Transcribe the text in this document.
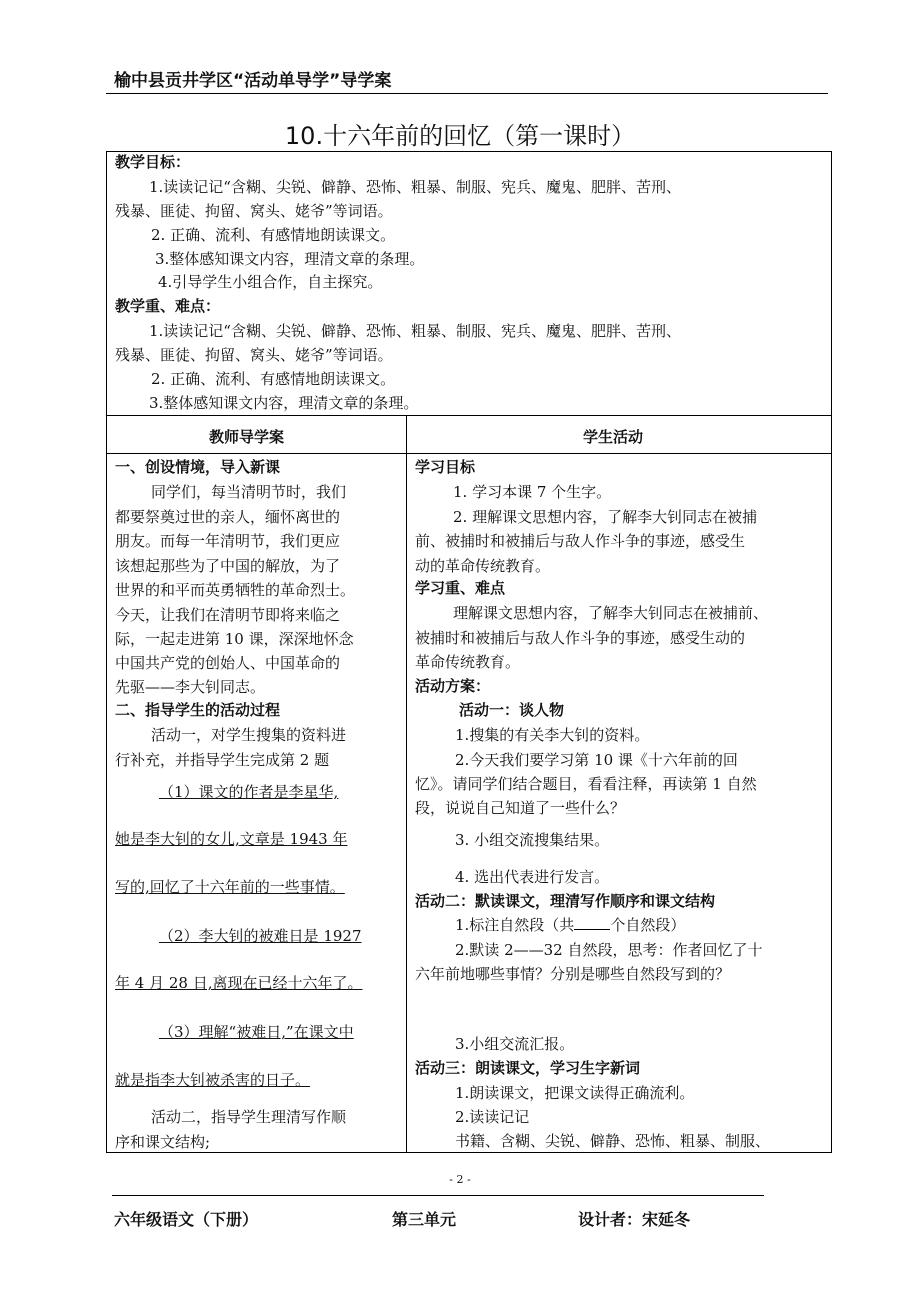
榆中县贡井学区“活动单导学”导学案
10.十六年前的回忆（第一课时）
教学目标：
1.读读记记“含糊、尖锐、僻静、恐怖、粗暴、制服、宪兵、魔鬼、肥胖、苦刑、
残暴、匪徒、拘留、窝头、姥爷”等词语。
2. 正确、流利、有感情地朗读课文。
3.整体感知课文内容，理清文章的条理。
4.引导学生小组合作，自主探究。
教学重、难点：
1.读读记记“含糊、尖锐、僻静、恐怖、粗暴、制服、宪兵、魔鬼、肥胖、苦刑、
残暴、匪徒、拘留、窝头、姥爷”等词语。
2. 正确、流利、有感情地朗读课文。
3.整体感知课文内容，理清文章的条理。
教师导学案	学生活动
一、创设情境，导入新课
同学们，每当清明节时，我们
都要祭奠过世的亲人，缅怀离世的
朋友。而每一年清明节，我们更应
该想起那些为了中国的解放，为了
世界的和平而英勇牺牲的革命烈士。
今天，让我们在清明节即将来临之
际，一起走进第 10 课，深深地怀念
中国共产党的创始人、中国革命的
先驱——李大钊同志。
二、指导学生的活动过程
活动一，对学生搜集的资料进
行补充，并指导学生完成第 2 题
（1）课文的作者是李星华,
她是李大钊的女儿,文章是 1943 年
写的,回忆了十六年前的一些事情。
（2）李大钊的被难日是 1927
年 4 月 28 日,离现在已经十六年了。
（3）理解“被难日,”在课文中
就是指李大钊被杀害的日子。
活动二，指导学生理清写作顺
序和课文结构;
学习目标
1. 学习本课 7 个生字。
2. 理解课文思想内容，了解李大钊同志在被捕
前、被捕时和被捕后与敌人作斗争的事迹，感受生
动的革命传统教育。
学习重、难点
理解课文思想内容，了解李大钊同志在被捕前、
被捕时和被捕后与敌人作斗争的事迹，感受生动的
革命传统教育。
活动方案：
活动一：谈人物
1.搜集的有关李大钊的资料。
2.今天我们要学习第 10 课《十六年前的回
忆》。请同学们结合题目，看看注释，再读第 1 自然
段，说说自己知道了一些什么？
3. 小组交流搜集结果。
4. 选出代表进行发言。
活动二：默读课文，理清写作顺序和课文结构
1.标注自然段（共 个自然段）
2.默读 2——32 自然段，思考：作者回忆了十
六年前地哪些事情？分别是哪些自然段写到的？
3.小组交流汇报。
活动三：朗读课文，学习生字新词
1.朗读课文，把课文读得正确流利。
2.读读记记
书籍、含糊、尖锐、僻静、恐怖、粗暴、制服、
- 2 -
六年级语文（下册）	第三单元	设计者：宋延冬
